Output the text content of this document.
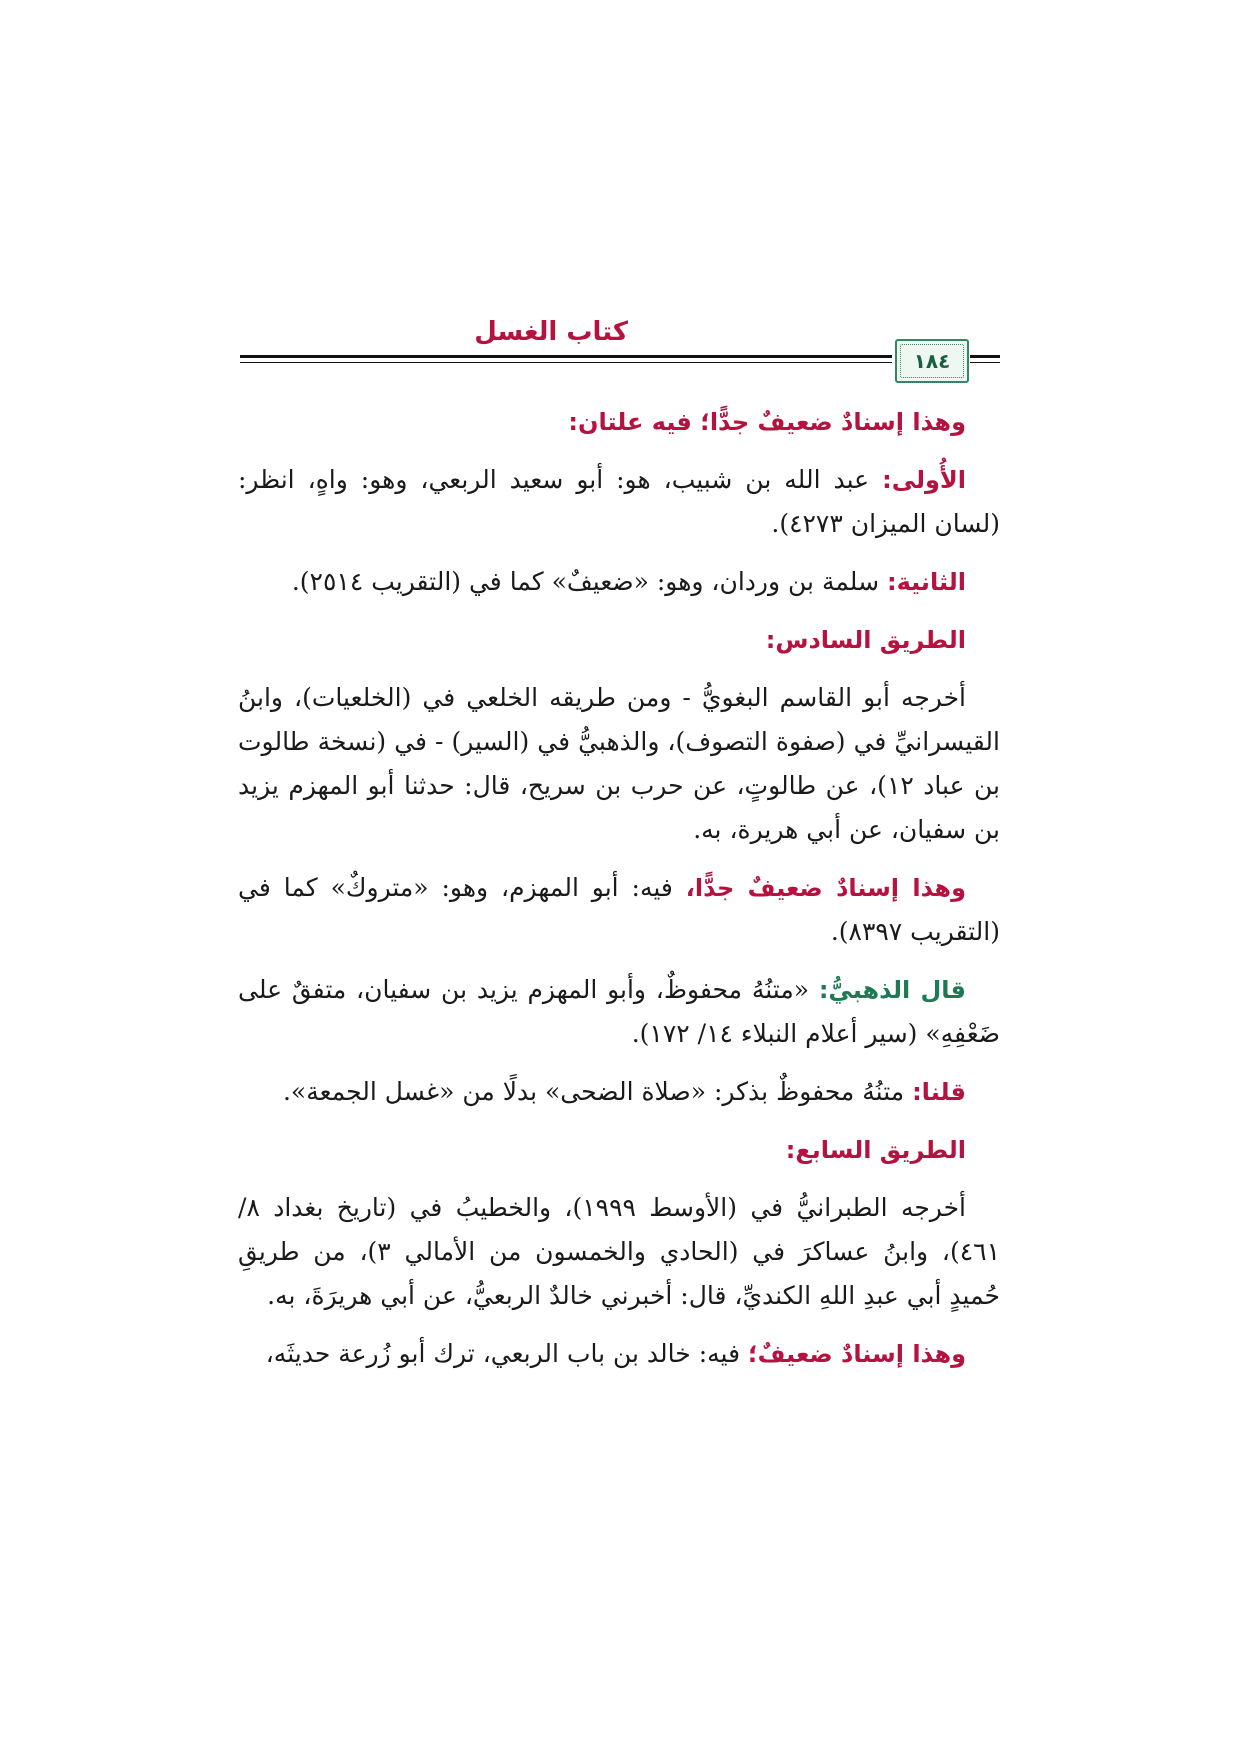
كتاب الغسل
١٨٤
وهذا إسنادٌ ضعيفٌ جدًّا؛ فيه علتان:

الأُولى: عبد الله بن شبيب، هو: أبو سعيد الربعي، وهو: واهٍ، انظر: (لسان الميزان ٤٢٧٣).

الثانية: سلمة بن وردان، وهو: «ضعيفٌ» كما في (التقريب ٢٥١٤).

الطريق السادس:

أخرجه أبو القاسم البغويُّ - ومن طريقه الخلعي في (الخلعيات)، وابنُ القيسرانيِّ في (صفوة التصوف)، والذهبيُّ في (السير) - في (نسخة طالوت بن عباد ١٢)، عن طالوتٍ، عن حرب بن سريح، قال: حدثنا أبو المهزم يزيد بن سفيان، عن أبي هريرة، به.

وهذا إسنادٌ ضعيفٌ جدًّا، فيه: أبو المهزم، وهو: «متروكٌ» كما في (التقريب ٨٣٩٧).

قال الذهبيُّ: «متنُهُ محفوظٌ، وأبو المهزم يزيد بن سفيان، متفقٌ على ضَعْفِهِ» (سير أعلام النبلاء ١٤/ ١٧٢).

قلنا: متنُهُ محفوظٌ بذكر: «صلاة الضحى» بدلًا من «غسل الجمعة».

الطريق السابع:

أخرجه الطبرانيُّ في (الأوسط ١٩٩٩)، والخطيبُ في (تاريخ بغداد ٨/ ٤٦١)، وابنُ عساكرَ في (الحادي والخمسون من الأمالي ٣)، من طريقِ حُميدٍ أبي عبدِ اللهِ الكنديِّ، قال: أخبرني خالدٌ الربعيُّ، عن أبي هريرَةَ، به.

وهذا إسنادٌ ضعيفٌ؛ فيه: خالد بن باب الربعي، ترك أبو زُرعة حديثَه،
